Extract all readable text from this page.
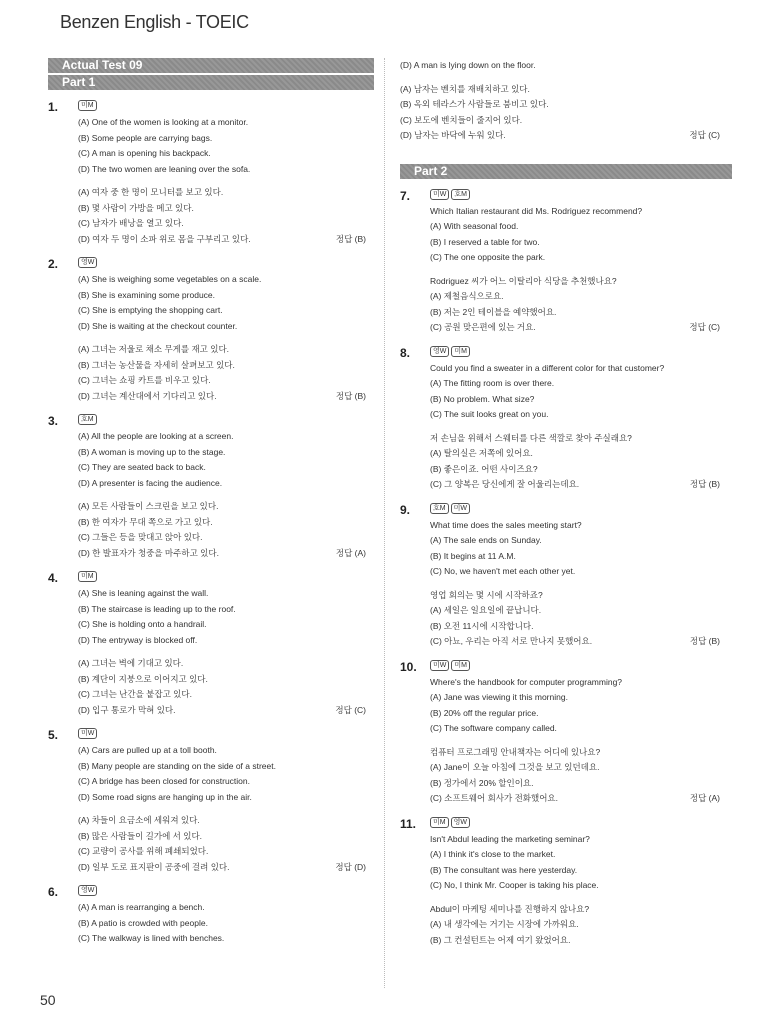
Benzen English - TOEIC
Actual Test 09
Part 1
1.	미M
(A) One of the women is looking at a monitor.
(B) Some people are carrying bags.
(C) A man is opening his backpack.
(D) The two women are leaning over the sofa.
(A) 여자 중 한 명이 모니터를 보고 있다.
(B) 몇 사람이 가방을 메고 있다.
(C) 남자가 배낭을 열고 있다.
(D) 여자 두 명이 소파 위로 몸을 구부리고 있다.	정답 (B)
2.	영W
(A) She is weighing some vegetables on a scale.
(B) She is examining some produce.
(C) She is emptying the shopping cart.
(D) She is waiting at the checkout counter.
(A) 그녀는 저울로 채소 무게를 재고 있다.
(B) 그녀는 농산물을 자세히 살펴보고 있다.
(C) 그녀는 쇼핑 카트를 비우고 있다.
(D) 그녀는 계산대에서 기다리고 있다.	정답 (B)
3.	호M
(A) All the people are looking at a screen.
(B) A woman is moving up to the stage.
(C) They are seated back to back.
(D) A presenter is facing the audience.
(A) 모든 사람들이 스크린을 보고 있다.
(B) 한 여자가 무대 쪽으로 가고 있다.
(C) 그들은 등을 맞대고 앉아 있다.
(D) 한 발표자가 청중을 마주하고 있다.	정답 (A)
4.	미M
(A) She is leaning against the wall.
(B) The staircase is leading up to the roof.
(C) She is holding onto a handrail.
(D) The entryway is blocked off.
(A) 그녀는 벽에 기대고 있다.
(B) 계단이 지붕으로 이어지고 있다.
(C) 그녀는 난간을 붙잡고 있다.
(D) 입구 통로가 막혀 있다.	정답 (C)
5.	미W
(A) Cars are pulled up at a toll booth.
(B) Many people are standing on the side of a street.
(C) A bridge has been closed for construction.
(D) Some road signs are hanging up in the air.
(A) 차들이 요금소에 세워져 있다.
(B) 많은 사람들이 길가에 서 있다.
(C) 교량이 공사를 위해 폐쇄되었다.
(D) 일부 도로 표지판이 공중에 걸려 있다.	정답 (D)
6.	영W
(A) A man is rearranging a bench.
(B) A patio is crowded with people.
(C) The walkway is lined with benches.
(D) A man is lying down on the floor.
(A) 남자는 벤치를 재배치하고 있다.
(B) 옥외 테라스가 사람들로 붐비고 있다.
(C) 보도에 벤치들이 줄지어 있다.
(D) 남자는 바닥에 누워 있다.	정답 (C)
Part 2
7.	미W	호M
Which Italian restaurant did Ms. Rodriguez recommend?
(A) With seasonal food.
(B) I reserved a table for two.
(C) The one opposite the park.
Rodriguez 씨가 어느 이탈리아 식당을 추천했나요?
(A) 제철음식으로요.
(B) 저는 2인 테이블을 예약했어요.
(C) 공원 맞은편에 있는 거요.	정답 (C)
8.	영W	미M
Could you find a sweater in a different color for that customer?
(A) The fitting room is over there.
(B) No problem. What size?
(C) The suit looks great on you.
저 손님을 위해서 스웨터를 다른 색깔로 찾아 주실래요?
(A) 탈의실은 저쪽에 있어요.
(B) 좋은이죠. 어떤 사이즈요?
(C) 그 양복은 당신에게 잘 어울리는데요.	정답 (B)
9.	호M	미W
What time does the sales meeting start?
(A) The sale ends on Sunday.
(B) It begins at 11 A.M.
(C) No, we haven't met each other yet.
영업 회의는 몇 시에 시작하죠?
(A) 세일은 일요일에 끝납니다.
(B) 오전 11시에 시작합니다.
(C) 아뇨, 우리는 아직 서로 만나지 못했어요.	정답 (B)
10.	미W	미M
Where's the handbook for computer programming?
(A) Jane was viewing it this morning.
(B) 20% off the regular price.
(C) The software company called.
컴퓨터 프로그래밍 안내책자는 어디에 있나요?
(A) Jane이 오늘 아침에 그것을 보고 있던데요.
(B) 정가에서 20% 할인이요.
(C) 소프트웨어 회사가 전화했어요.	정답 (A)
11.	미M	영W
Isn't Abdul leading the marketing seminar?
(A) I think it's close to the market.
(B) The consultant was here yesterday.
(C) No, I think Mr. Cooper is taking his place.
Abdul이 마케팅 세미나를 진행하지 않나요?
(A) 내 생각에는 거기는 시장에 가까워요.
(B) 그 컨설턴트는 어제 여기 왔었어요.
50
